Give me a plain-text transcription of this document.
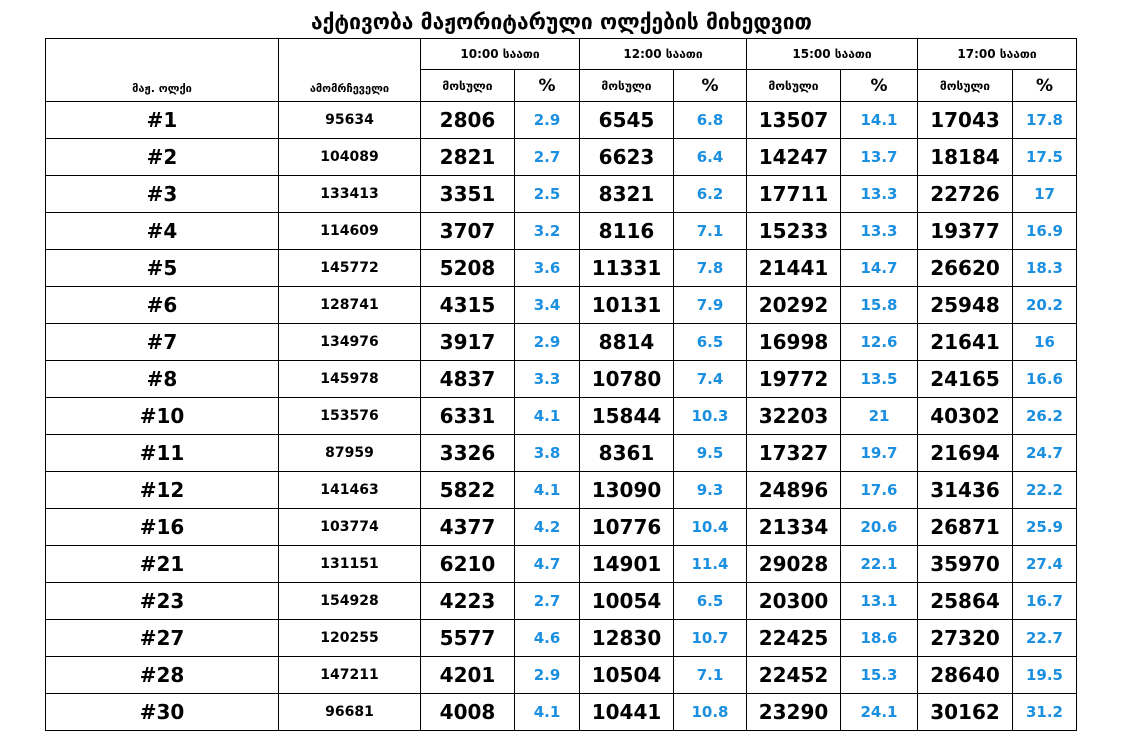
აქტივობა მაჟორიტარული ოლქების მიხედვით
მაჟ. ოლქი	ამომრჩეველი	10:00 საათი		12:00 საათი		15:00 საათი		17:00 საათი	
		მოსული	%	მოსული	%	მოსული	%	მოსული	%
#1	95634	2806	2.9	6545	6.8	13507	14.1	17043	17.8
#2	104089	2821	2.7	6623	6.4	14247	13.7	18184	17.5
#3	133413	3351	2.5	8321	6.2	17711	13.3	22726	17
#4	114609	3707	3.2	8116	7.1	15233	13.3	19377	16.9
#5	145772	5208	3.6	11331	7.8	21441	14.7	26620	18.3
#6	128741	4315	3.4	10131	7.9	20292	15.8	25948	20.2
#7	134976	3917	2.9	8814	6.5	16998	12.6	21641	16
#8	145978	4837	3.3	10780	7.4	19772	13.5	24165	16.6
#10	153576	6331	4.1	15844	10.3	32203	21	40302	26.2
#11	87959	3326	3.8	8361	9.5	17327	19.7	21694	24.7
#12	141463	5822	4.1	13090	9.3	24896	17.6	31436	22.2
#16	103774	4377	4.2	10776	10.4	21334	20.6	26871	25.9
#21	131151	6210	4.7	14901	11.4	29028	22.1	35970	27.4
#23	154928	4223	2.7	10054	6.5	20300	13.1	25864	16.7
#27	120255	5577	4.6	12830	10.7	22425	18.6	27320	22.7
#28	147211	4201	2.9	10504	7.1	22452	15.3	28640	19.5
#30	96681	4008	4.1	10441	10.8	23290	24.1	30162	31.2
